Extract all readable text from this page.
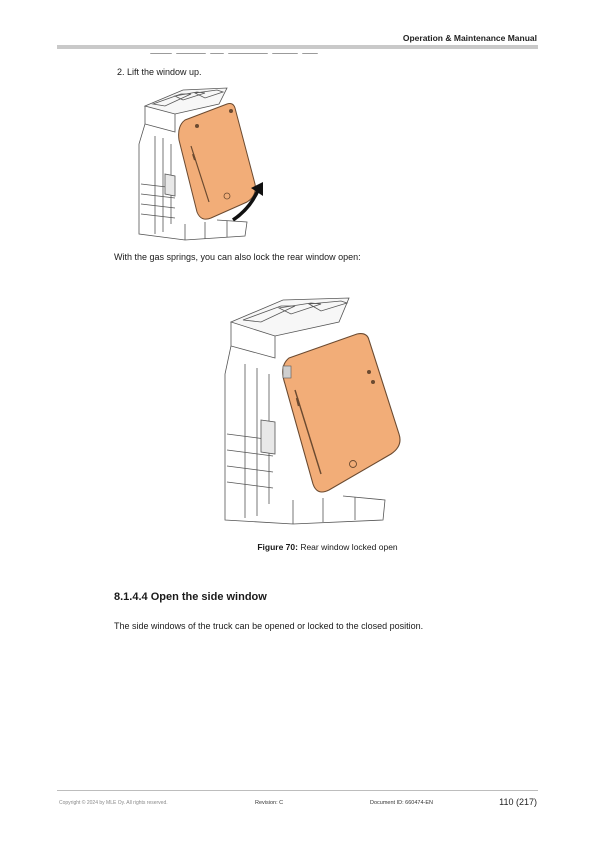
Operation & Maintenance Manual
2. Lift the window up.
With the gas springs, you can also lock the rear window open:
Figure 70: Rear window locked open
8.1.4.4 Open the side window
The side windows of the truck can be opened or locked to the closed position.
Copyright © 2024 by MLE Oy. All rights reserved.	Revision: C	Document ID: 660474-EN	110 (217)
